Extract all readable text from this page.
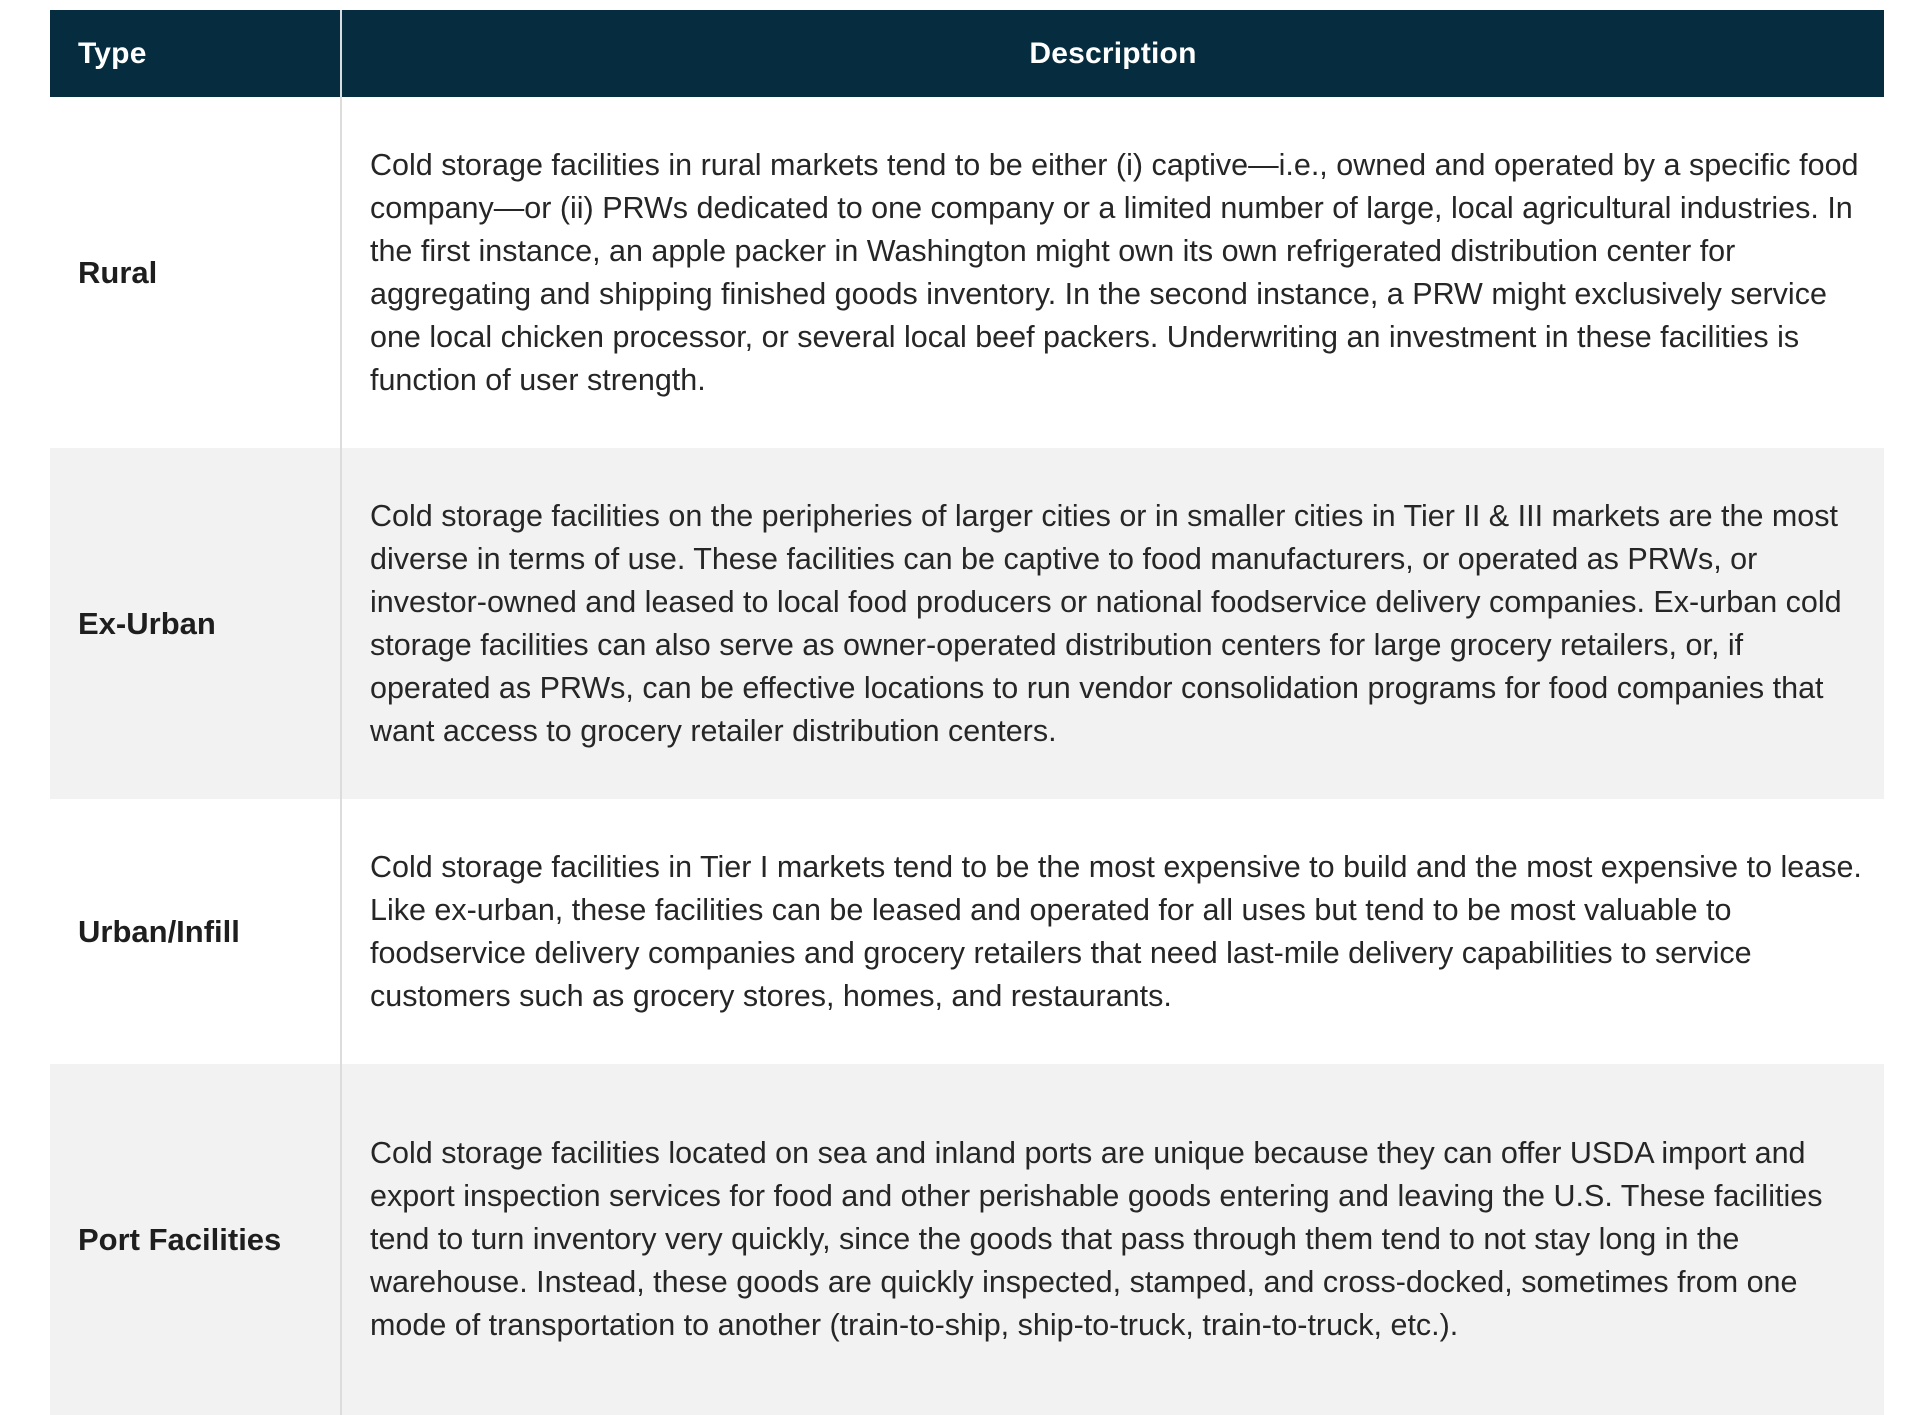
Type	Description
Rural	Cold storage facilities in rural markets tend to be either (i) captive—i.e., owned and operated by a specific food company—or (ii) PRWs dedicated to one company or a limited number of large, local agricultural industries. In the first instance, an apple packer in Washington might own its own refrigerated distribution center for aggregating and shipping finished goods inventory. In the second instance, a PRW might exclusively service one local chicken processor, or several local beef packers. Underwriting an investment in these facilities is function of user strength.
Ex-Urban	Cold storage facilities on the peripheries of larger cities or in smaller cities in Tier II & III markets are the most diverse in terms of use. These facilities can be captive to food manufacturers, or operated as PRWs, or investor-owned and leased to local food producers or national foodservice delivery companies. Ex-urban cold storage facilities can also serve as owner-operated distribution centers for large grocery retailers, or, if operated as PRWs, can be effective locations to run vendor consolidation programs for food companies that want access to grocery retailer distribution centers.
Urban/Infill	Cold storage facilities in Tier I markets tend to be the most expensive to build and the most expensive to lease. Like ex-urban, these facilities can be leased and operated for all uses but tend to be most valuable to foodservice delivery companies and grocery retailers that need last-mile delivery capabilities to service customers such as grocery stores, homes, and restaurants.
Port Facilities	Cold storage facilities located on sea and inland ports are unique because they can offer USDA import and export inspection services for food and other perishable goods entering and leaving the U.S. These facilities tend to turn inventory very quickly, since the goods that pass through them tend to not stay long in the warehouse. Instead, these goods are quickly inspected, stamped, and cross-docked, sometimes from one mode of transportation to another (train-to-ship, ship-to-truck, train-to-truck, etc.).
